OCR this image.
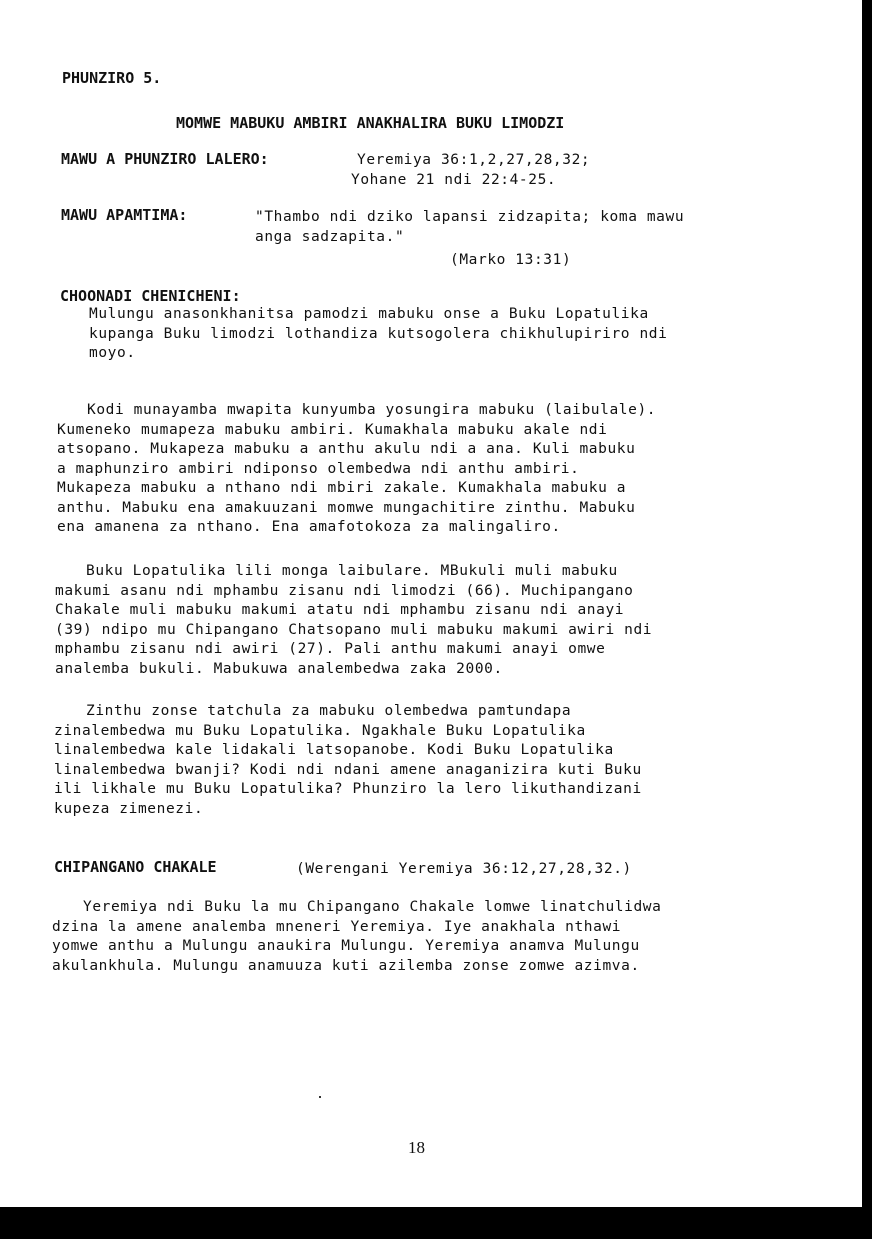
PHUNZIRO 5.
MOMWE MABUKU AMBIRI ANAKHALIRA BUKU LIMODZI
MAWU A PHUNZIRO LALERO:	Yeremiya 36:1,2,27,28,32;
Yohane 21 ndi 22:4-25.
MAWU APAMTIMA:	"Thambo ndi dziko lapansi zidzapita; koma mawu
anga sadzapita."
(Marko 13:31)
CHOONADI CHENICHENI:
Mulungu anasonkhanitsa pamodzi mabuku onse a Buku Lopatulika
kupanga Buku limodzi lothandiza kutsogolera chikhulupiriro ndi
moyo.
Kodi munayamba mwapita kunyumba yosungira mabuku (laibulale).
Kumeneko mumapeza mabuku ambiri. Kumakhala mabuku akale ndi
atsopano. Mukapeza mabuku a anthu akulu ndi a ana. Kuli mabuku
a maphunziro ambiri ndiponso olembedwa ndi anthu ambiri.
Mukapeza mabuku a nthano ndi mbiri zakale. Kumakhala mabuku a
anthu. Mabuku ena amakuuzani momwe mungachitire zinthu. Mabuku
ena amanena za nthano. Ena amafotokoza za malingaliro.
Buku Lopatulika lili monga laibulare. MBukuli muli mabuku
makumi asanu ndi mphambu zisanu ndi limodzi (66). Muchipangano
Chakale muli mabuku makumi atatu ndi mphambu zisanu ndi anayi
(39) ndipo mu Chipangano Chatsopano muli mabuku makumi awiri ndi
mphambu zisanu ndi awiri (27). Pali anthu makumi anayi omwe
analemba bukuli. Mabukuwa analembedwa zaka 2000.
Zinthu zonse tatchula za mabuku olembedwa pamtundapa
zinalembedwa mu Buku Lopatulika. Ngakhale Buku Lopatulika
linalembedwa kale lidakali latsopanobe. Kodi Buku Lopatulika
linalembedwa bwanji? Kodi ndi ndani amene anaganizira kuti Buku
ili likhale mu Buku Lopatulika? Phunziro la lero likuthandizani
kupeza zimenezi.
CHIPANGANO CHAKALE	(Werengani Yeremiya 36:12,27,28,32.)
Yeremiya ndi Buku la mu Chipangano Chakale lomwe linatchulidwa
dzina la amene analemba mneneri Yeremiya. Iye anakhala nthawi
yomwe anthu a Mulungu anaukira Mulungu. Yeremiya anamva Mulungu
akulankhula. Mulungu anamuuza kuti azilemba zonse zomwe azimva.
18
